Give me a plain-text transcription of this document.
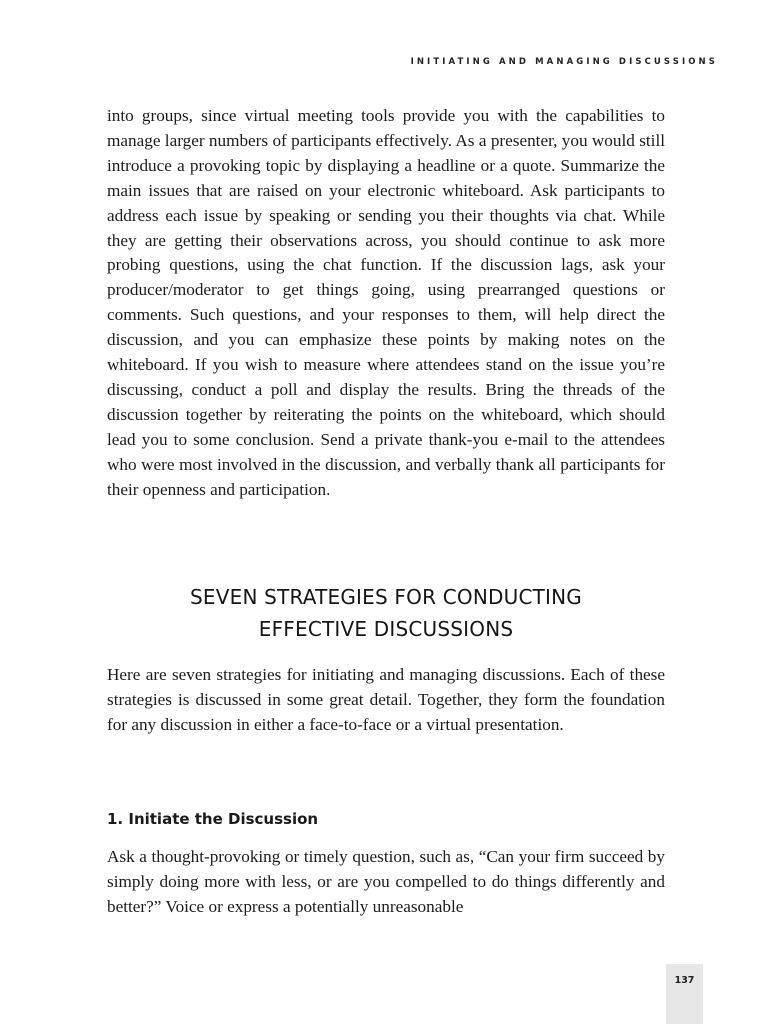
INITIATING AND MANAGING DISCUSSIONS

into groups, since virtual meeting tools provide you with the capabilities to manage larger numbers of participants effectively. As a presenter, you would still introduce a provoking topic by displaying a headline or a quote. Summarize the main issues that are raised on your electronic whiteboard. Ask participants to address each issue by speaking or sending you their thoughts via chat. While they are getting their observations across, you should continue to ask more probing questions, using the chat function. If the discussion lags, ask your producer/moderator to get things going, using prearranged questions or comments. Such questions, and your responses to them, will help direct the discussion, and you can emphasize these points by making notes on the whiteboard. If you wish to measure where attendees stand on the issue you’re discussing, conduct a poll and display the results. Bring the threads of the discussion together by reiterating the points on the whiteboard, which should lead you to some conclusion. Send a private thank-you e-mail to the attendees who were most involved in the discussion, and verbally thank all participants for their openness and participation.

SEVEN STRATEGIES FOR CONDUCTING
EFFECTIVE DISCUSSIONS

Here are seven strategies for initiating and managing discussions. Each of these strategies is discussed in some great detail. Together, they form the foundation for any discussion in either a face-to-face or a virtual presentation.

1. Initiate the Discussion

Ask a thought-provoking or timely question, such as, “Can your firm succeed by simply doing more with less, or are you compelled to do things differently and better?” Voice or express a potentially unreasonable

137
